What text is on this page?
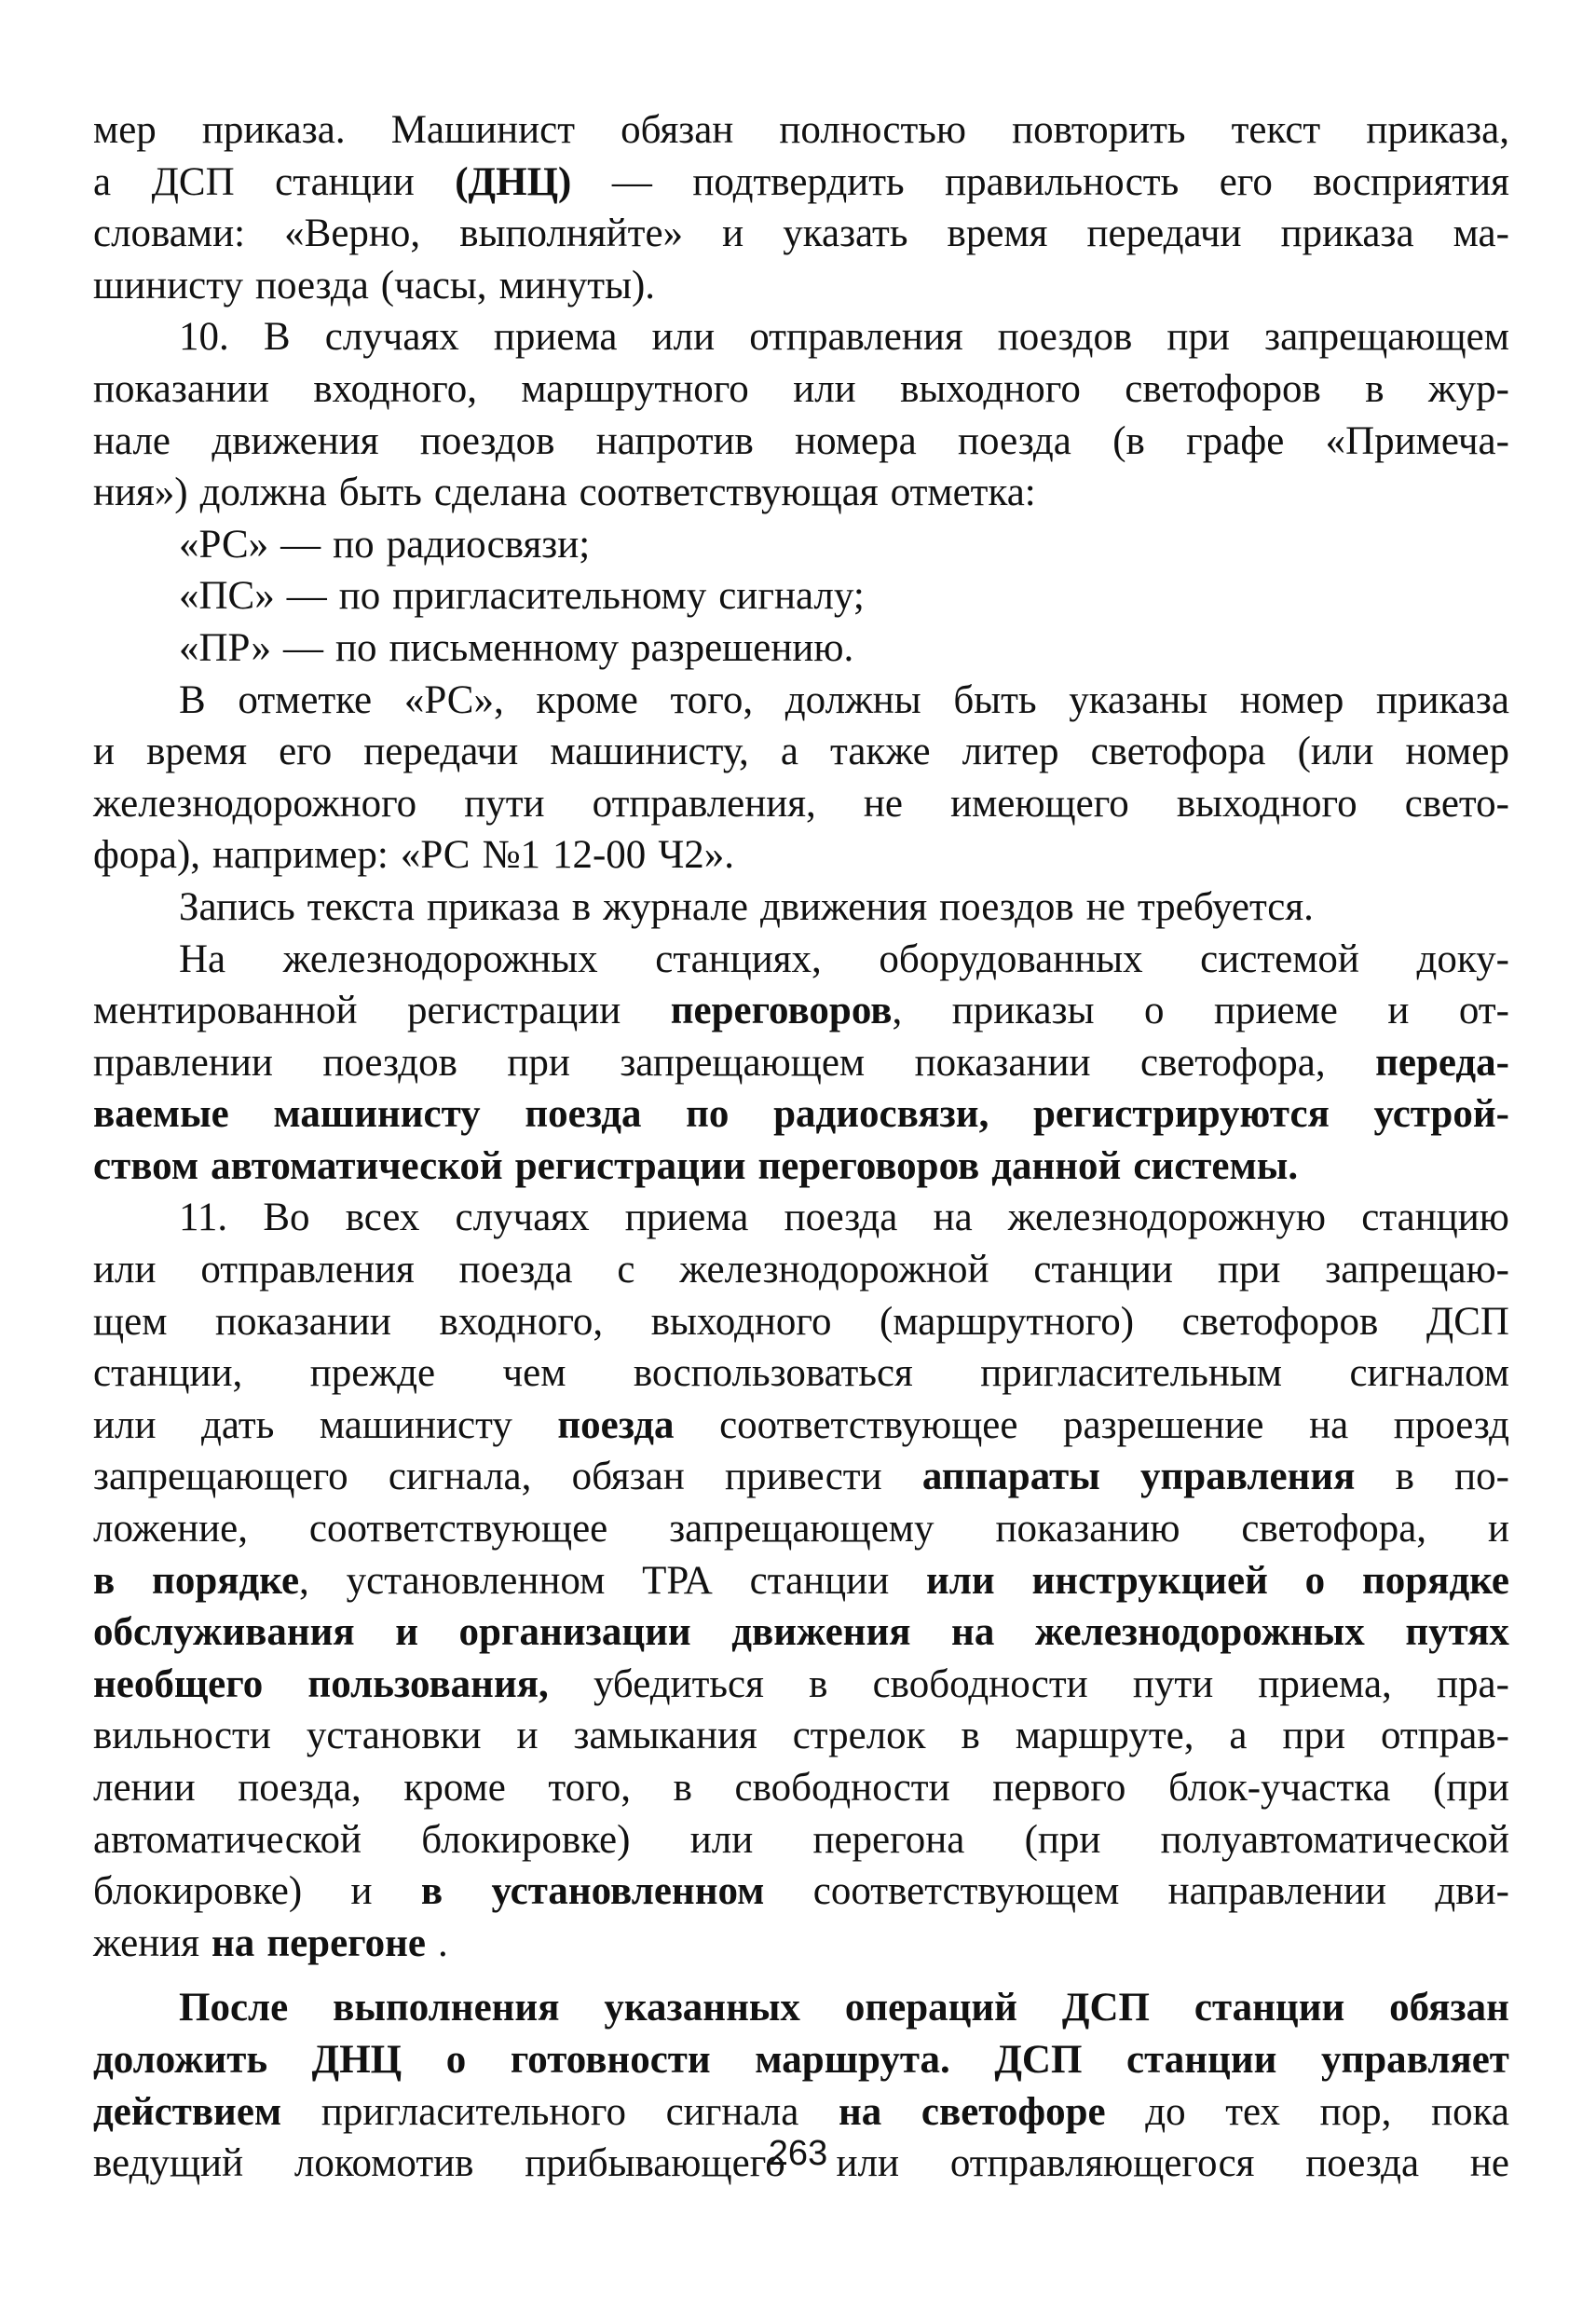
мер приказа. Машинист обязан полностью повторить текст приказа,
а ДСП станции (ДНЦ) — подтвердить правильность его восприятия
словами: «Верно, выполняйте» и указать время передачи приказа ма-
шинисту поезда (часы, минуты).
10. В случаях приема или отправления поездов при запрещающем
показании входного, маршрутного или выходного светофоров в жур-
нале движения поездов напротив номера поезда (в графе «Примеча-
ния») должна быть сделана соответствующая отметка:
«РС» — по радиосвязи;
«ПС» — по пригласительному сигналу;
«ПР» — по письменному разрешению.
В отметке «РС», кроме того, должны быть указаны номер приказа
и время его передачи машинисту, а также литер светофора (или номер
железнодорожного пути отправления, не имеющего выходного свето-
фора), например: «РС №1 12-00 Ч2».
Запись текста приказа в журнале движения поездов не требуется.
На железнодорожных станциях, оборудованных системой доку-
ментированной регистрации переговоров, приказы о приеме и от-
правлении поездов при запрещающем показании светофора, переда-
ваемые машинисту поезда по радиосвязи, регистрируются устрой-
ством автоматической регистрации переговоров данной системы.
11. Во всех случаях приема поезда на железнодорожную станцию
или отправления поезда с железнодорожной станции при запрещаю-
щем показании входного, выходного (маршрутного) светофоров ДСП
станции, прежде чем воспользоваться пригласительным сигналом
или дать машинисту поезда соответствующее разрешение на проезд
запрещающего сигнала, обязан привести аппараты управления в по-
ложение, соответствующее запрещающему показанию светофора, и
в порядке, установленном ТРА станции или инструкцией о порядке
обслуживания и организации движения на железнодорожных путях
необщего пользования, убедиться в свободности пути приема, пра-
вильности установки и замыкания стрелок в маршруте, а при отправ-
лении поезда, кроме того, в свободности первого блок-участка (при
автоматической блокировке) или перегона (при полуавтоматической
блокировке) и в установленном соответствующем направлении дви-
жения на перегоне .
После выполнения указанных операций ДСП станции обязан
доложить ДНЦ о готовности маршрута. ДСП станции управляет
действием пригласительного сигнала на светофоре до тех пор, пока
ведущий локомотив прибывающего или отправляющегося поезда не
263
